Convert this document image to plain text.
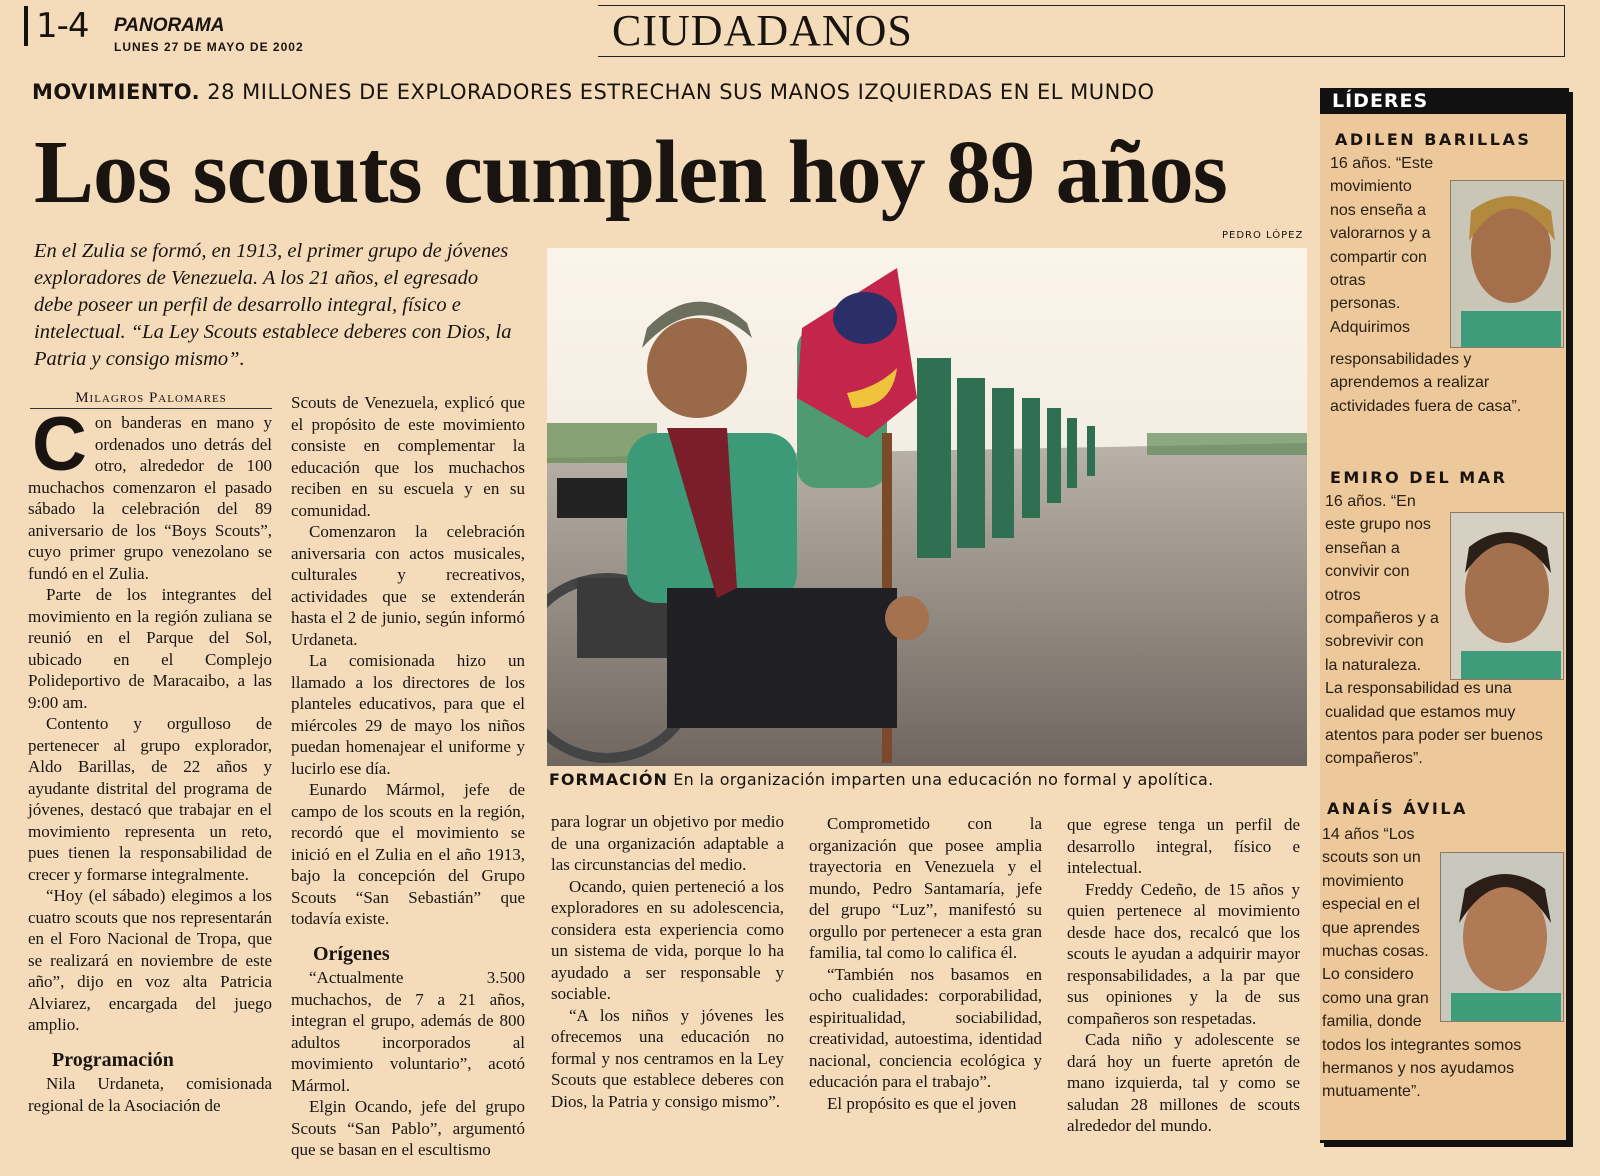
1-4 PANORAMA
LUNES 27 DE MAYO DE 2002	CIUDADANOS
MOVIMIENTO. 28 MILLONES DE EXPLORADORES ESTRECHAN SUS MANOS IZQUIERDAS EN EL MUNDO
Los scouts cumplen hoy 89 años
En el Zulia se formó, en 1913, el primer grupo de jóvenes exploradores de Venezuela. A los 21 años, el egresado debe poseer un perfil de desarrollo integral, físico e intelectual. “La Ley Scouts establece deberes con Dios, la Patria y consigo mismo”.
Milagros Palomares
C on banderas en mano y ordenados uno detrás del otro, alrededor de 100 muchachos comenzaron el pasado sábado la celebración del 89 aniversario de los “Boys Scouts”, cuyo primer grupo venezolano se fundó en el Zulia.

Parte de los integrantes del movimiento en la región zuliana se reunió en el Parque del Sol, ubicado en el Complejo Polideportivo de Maracaibo, a las 9:00 am.

Contento y orgulloso de pertenecer al grupo explorador, Aldo Barillas, de 22 años y ayudante distrital del programa de jóvenes, destacó que trabajar en el movimiento representa un reto, pues tienen la responsabilidad de crecer y formarse integralmente.

“Hoy (el sábado) elegimos a los cuatro scouts que nos representarán en el Foro Nacional de Tropa, que se realizará en noviembre de este año”, dijo en voz alta Patricia Alviarez, encargada del juego amplio.

Programación

Nila Urdaneta, comisionada regional de la Asociación de

Scouts de Venezuela, explicó que el propósito de este movimiento consiste en complementar la educación que los muchachos reciben en su escuela y en su comunidad.

Comenzaron la celebración aniversaria con actos musicales, culturales y recreativos, actividades que se extenderán hasta el 2 de junio, según informó Urdaneta.

La comisionada hizo un llamado a los directores de los planteles educativos, para que el miércoles 29 de mayo los niños puedan homenajear el uniforme y lucirlo ese día.

Eunardo Mármol, jefe de campo de los scouts en la región, recordó que el movimiento se inició en el Zulia en el año 1913, bajo la concepción del Grupo Scouts “San Sebastián” que todavía existe.

Orígenes

“Actualmente 3.500 muchachos, de 7 a 21 años, integran el grupo, además de 800 adultos incorporados al movimiento voluntario”, acotó Mármol.

Elgin Ocando, jefe del grupo Scouts “San Pablo”, argumentó que se basan en el escultismo

PEDRO LÓPEZ
FORMACIÓN En la organización imparten una educación no formal y apolítica.

para lograr un objetivo por medio de una organización adaptable a las circunstancias del medio.

Ocando, quien perteneció a los exploradores en su adolescencia, considera esta experiencia como un sistema de vida, porque lo ha ayudado a ser responsable y sociable.

“A los niños y jóvenes les ofrecemos una educación no formal y nos centramos en la Ley Scouts que establece deberes con Dios, la Patria y consigo mismo”.

Comprometido con la organización que posee amplia trayectoria en Venezuela y el mundo, Pedro Santamaría, jefe del grupo “Luz”, manifestó su orgullo por pertenecer a esta gran familia, tal como lo califica él.

“También nos basamos en ocho cualidades: corporabilidad, espiritualidad, sociabilidad, creatividad, autoestima, identidad nacional, conciencia ecológica y educación para el trabajo”.

El propósito es que el joven

que egrese tenga un perfil de desarrollo integral, físico e intelectual.

Freddy Cedeño, de 15 años y quien pertenece al movimiento desde hace dos, recalcó que los scouts le ayudan a adquirir mayor responsabilidades, a la par que sus opiniones y la de sus compañeros son respetadas.

Cada niño y adolescente se dará hoy un fuerte apretón de mano izquierda, tal y como se saludan 28 millones de scouts alrededor del mundo.

LÍDERES
ADILEN BARILLAS
16 años. “Este movimiento nos enseña a valorarnos y a compartir con otras personas. Adquirimos responsabilidades y aprendemos a realizar actividades fuera de casa”.
EMIRO DEL MAR
16 años. “En este grupo nos enseñan a convivir con otros compañeros y a sobrevivir con la naturaleza. La responsabilidad es una cualidad que estamos muy atentos para poder ser buenos compañeros”.
ANAÍS ÁVILA
14 años “Los scouts son un movimiento especial en el que aprendes muchas cosas. Lo considero como una gran familia, donde todos los integrantes somos hermanos y nos ayudamos mutuamente”.
